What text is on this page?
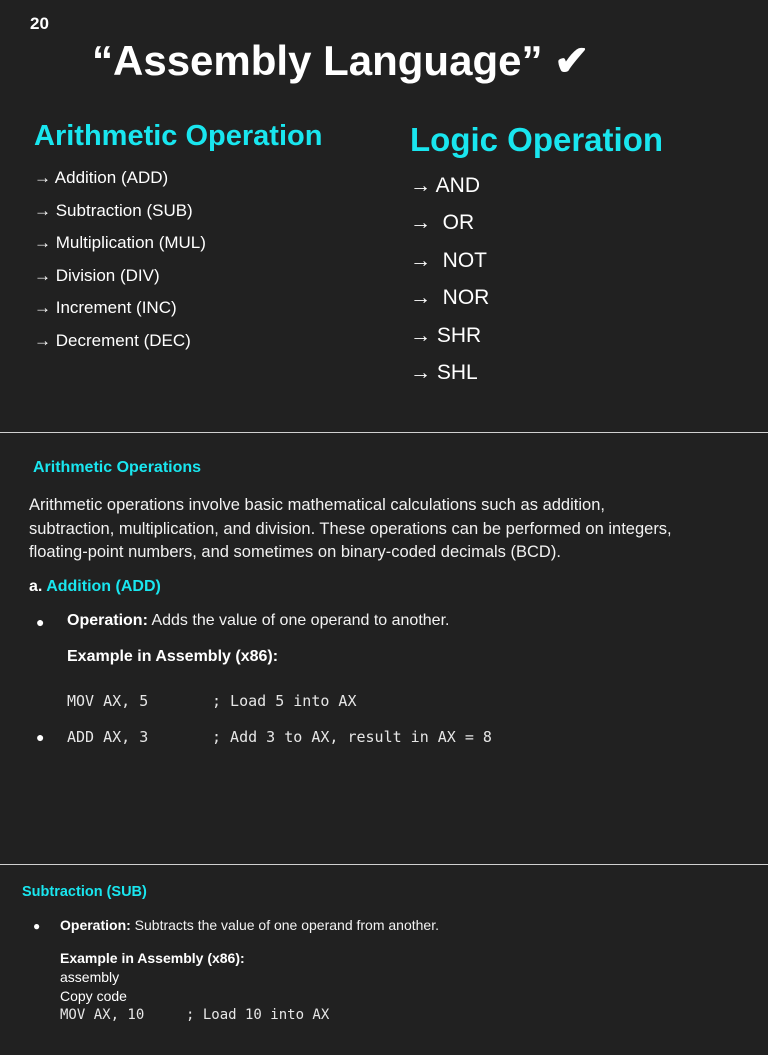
20
“Assembly Language” ✔
Arithmetic Operation
→ Addition (ADD)
→ Subtraction (SUB)
→ Multiplication (MUL)
→ Division (DIV)
→ Increment (INC)
→ Decrement (DEC)
Logic Operation
→ AND
→  OR
→  NOT
→  NOR
→ SHR
→ SHL
Arithmetic Operations
Arithmetic operations involve basic mathematical calculations such as addition, subtraction, multiplication, and division. These operations can be performed on integers, floating-point numbers, and sometimes on binary-coded decimals (BCD).
a. Addition (ADD)
● Operation: Adds the value of one operand to another.
Example in Assembly (x86):

MOV AX, 5

	; Load 5 into AX

●

ADD AX, 3

	; Add 3 to AX, result in AX = 8

Subtraction (SUB)
● Operation: Subtracts the value of one operand from another.
Example in Assembly (x86):
assembly
Copy code

MOV AX, 10

	; Load 10 into AX
